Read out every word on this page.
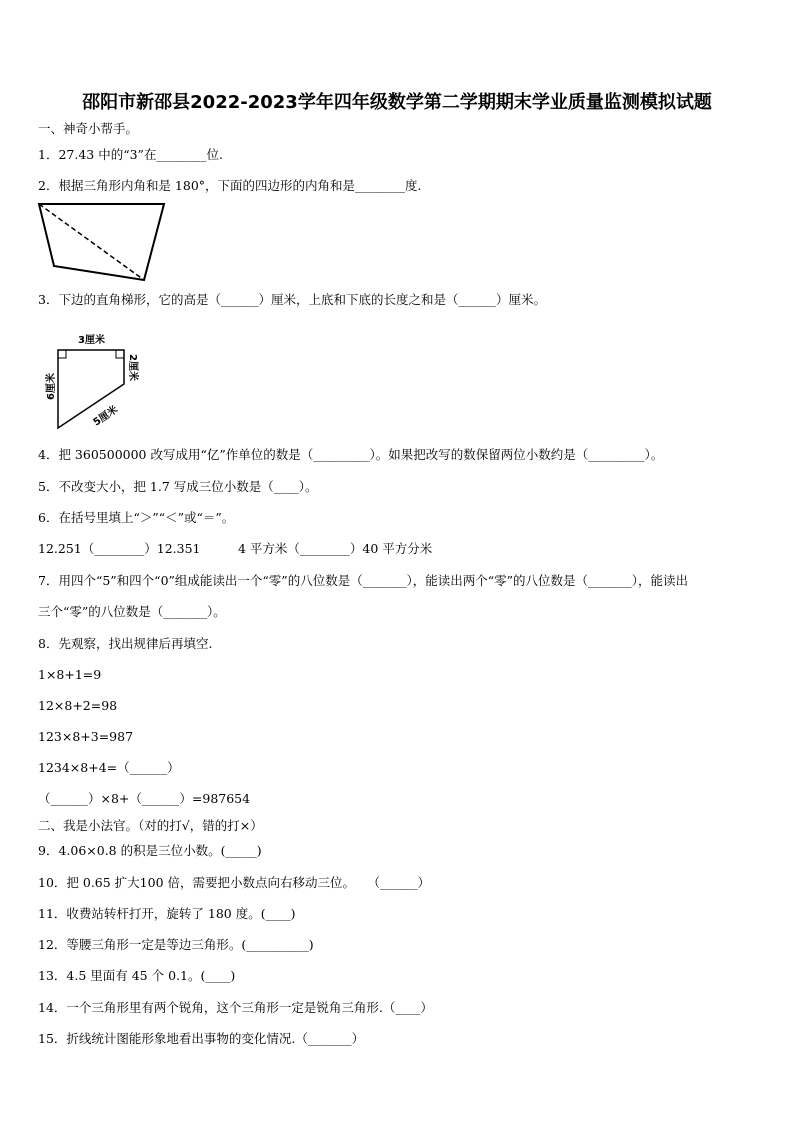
邵阳市新邵县2022-2023学年四年级数学第二学期期末学业质量监测模拟试题
一、神奇小帮手。
1．27.43 中的“3”在________位.
2．根据三角形内角和是 180°，下面的四边形的内角和是________度.
3．下边的直角梯形，它的高是（______）厘米，上底和下底的长度之和是（______）厘米。
3厘米
6厘米
2厘米
5厘米
4．把 360500000 改写成用“亿”作单位的数是（_________）。如果把改写的数保留两位小数约是（_________）。
5．不改变大小，把 1.7 写成三位小数是（____）。
6．在括号里填上“＞”“＜”或“＝”。
12.251（________）12.351　　　4 平方米（________）40 平方分米
7．用四个“5”和四个“0”组成能读出一个“零”的八位数是（_______），能读出两个“零”的八位数是（_______），能读出
三个“零”的八位数是（_______）。
8．先观察，找出规律后再填空.
1×8+1=9
12×8+2=98
123×8+3=987
1234×8+4=（______）
（______）×8+（______）=987654
二、我是小法官。（对的打√，错的打×）
9．4.06×0.8 的积是三位小数。(_____)
10．把 0.65 扩大100 倍，需要把小数点向右移动三位。　　（______）
11．收费站转杆打开，旋转了 180 度。(____)
12．等腰三角形一定是等边三角形。(__________)
13．4.5 里面有 45 个 0.1。(____)
14．一个三角形里有两个锐角，这个三角形一定是锐角三角形.（____）
15．折线统计图能形象地看出事物的变化情况.（_______）
